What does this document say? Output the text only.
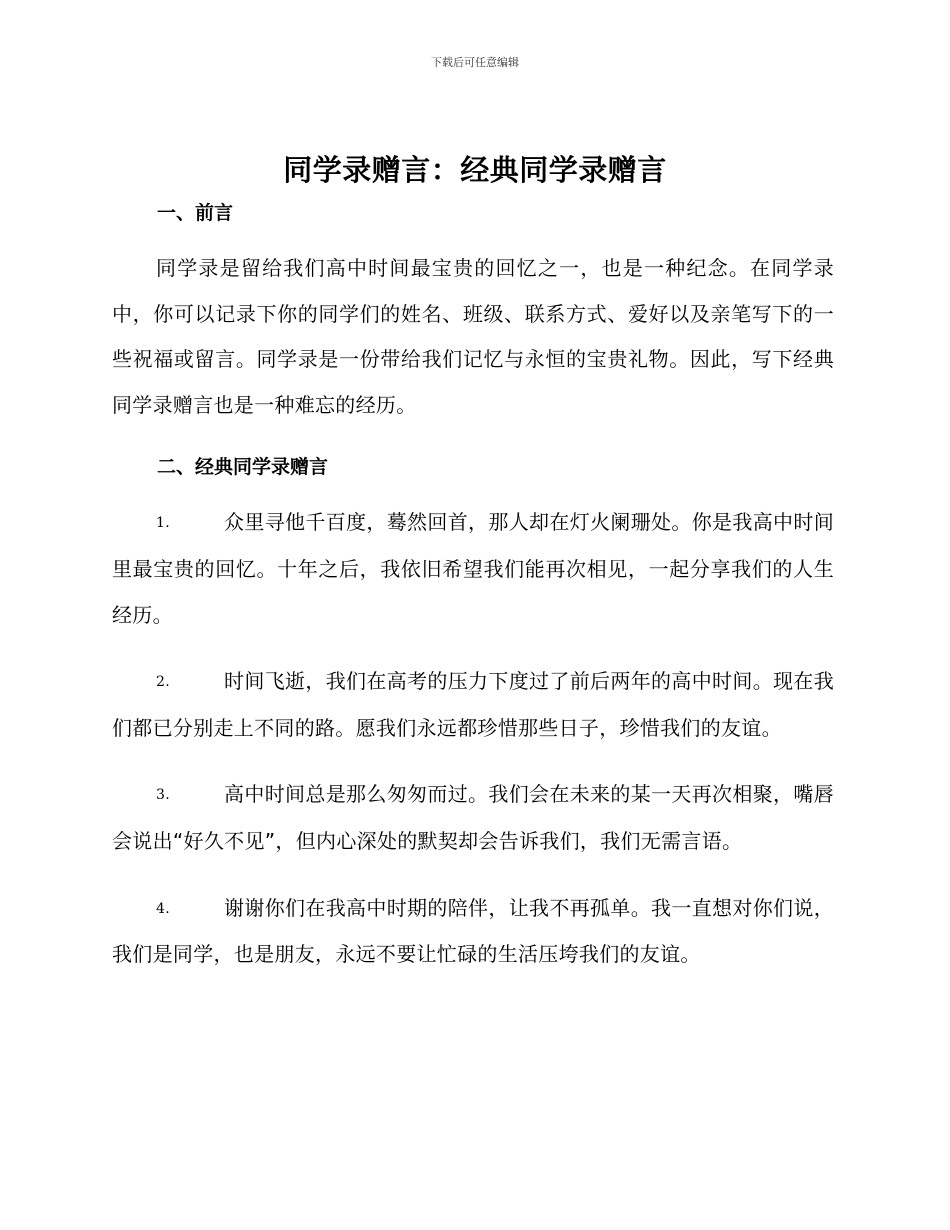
下载后可任意编辑
同学录赠言：经典同学录赠言
一、前言

同学录是留给我们高中时间最宝贵的回忆之一，也是一种纪念。在同学录中，你可以记录下你的同学们的姓名、班级、联系方式、爱好以及亲笔写下的一些祝福或留言。同学录是一份带给我们记忆与永恒的宝贵礼物。因此，写下经典同学录赠言也是一种难忘的经历。

二、经典同学录赠言

1.	众里寻他千百度，蓦然回首，那人却在灯火阑珊处。你是我高中时间里最宝贵的回忆。十年之后，我依旧希望我们能再次相见，一起分享我们的人生经历。

2.	时间飞逝，我们在高考的压力下度过了前后两年的高中时间。现在我们都已分别走上不同的路。愿我们永远都珍惜那些日子，珍惜我们的友谊。

3.	高中时间总是那么匆匆而过。我们会在未来的某一天再次相聚，嘴唇会说出“好久不见”，但内心深处的默契却会告诉我们，我们无需言语。

4.	谢谢你们在我高中时期的陪伴，让我不再孤单。我一直想对你们说，我们是同学，也是朋友，永远不要让忙碌的生活压垮我们的友谊。
